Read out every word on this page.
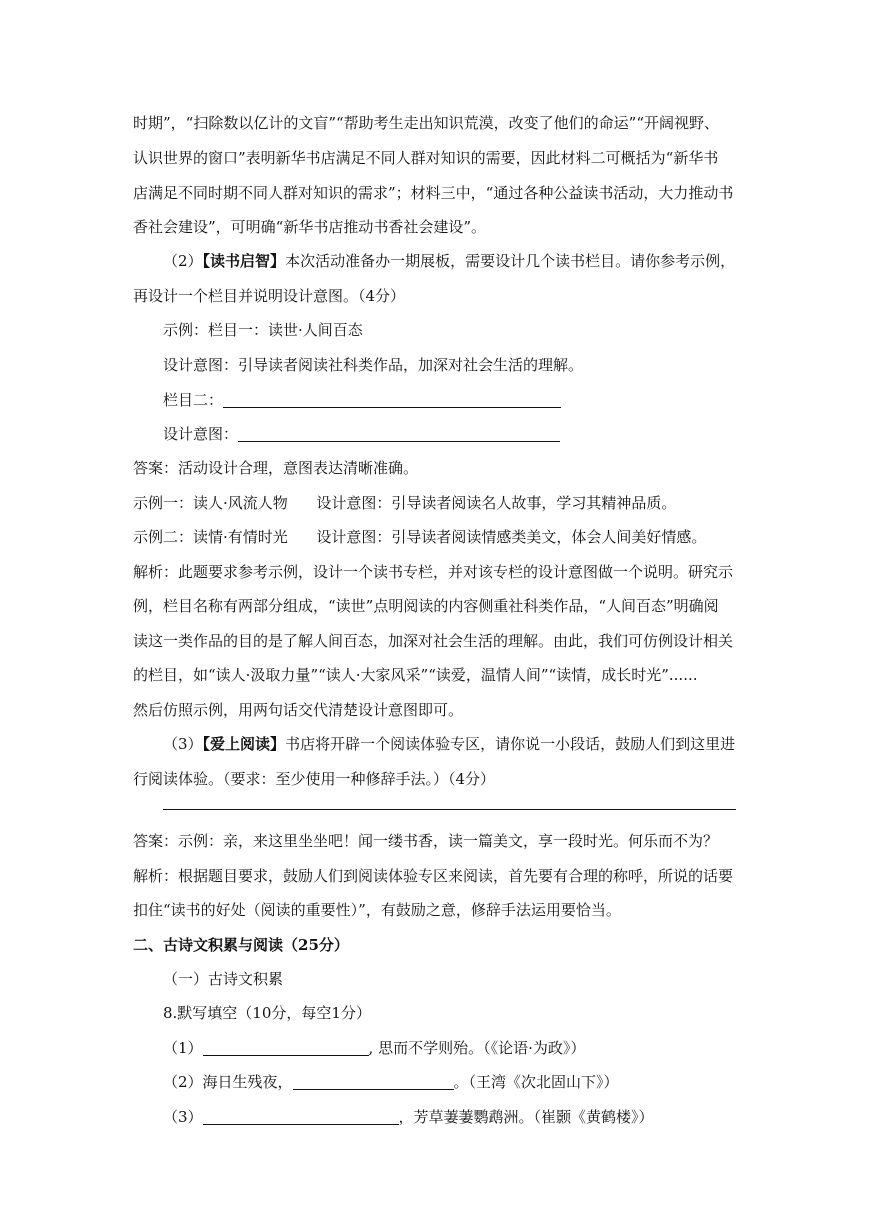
时期”，“扫除数以亿计的文盲”“帮助考生走出知识荒漠，改变了他们的命运”“开阔视野、
认识世界的窗口”表明新华书店满足不同人群对知识的需要，因此材料二可概括为“新华书
店满足不同时期不同人群对知识的需求”；材料三中，“通过各种公益读书活动，大力推动书
香社会建设”，可明确“新华书店推动书香社会建设”。
（2）【读书启智】本次活动准备办一期展板，需要设计几个读书栏目。请你参考示例，
再设计一个栏目并说明设计意图。（4分）
示例：栏目一：读世·人间百态
设计意图：引导读者阅读社科类作品，加深对社会生活的理解。
栏目二：
设计意图：
答案：活动设计合理，意图表达清晰准确。
示例一：读人·风流人物      设计意图：引导读者阅读名人故事，学习其精神品质。
示例二：读情·有情时光      设计意图：引导读者阅读情感类美文，体会人间美好情感。
解析：此题要求参考示例，设计一个读书专栏，并对该专栏的设计意图做一个说明。研究示
例，栏目名称有两部分组成，“读世”点明阅读的内容侧重社科类作品，“人间百态”明确阅
读这一类作品的目的是了解人间百态，加深对社会生活的理解。由此，我们可仿例设计相关
的栏目，如“读人·汲取力量”“读人·大家风采”“读爱，温情人间”“读情，成长时光”......
然后仿照示例，用两句话交代清楚设计意图即可。
（3）【爱上阅读】书店将开辟一个阅读体验专区，请你说一小段话，鼓励人们到这里进
行阅读体验。（要求：至少使用一种修辞手法。）（4分）
答案：示例：亲，来这里坐坐吧！闻一缕书香，读一篇美文，享一段时光。何乐而不为？
解析：根据题目要求，鼓励人们到阅读体验专区来阅读，首先要有合理的称呼，所说的话要
扣住“读书的好处（阅读的重要性）”，有鼓励之意，修辞手法运用要恰当。
二、古诗文积累与阅读（25分）
（一）古诗文积累
8.默写填空（10分，每空1分）
（1）	, 思而不学则殆。（《论语·为政》）
（2）海日生残夜，	。（王湾《次北固山下》）
（3）	，芳草萋萋鹦鹉洲。（崔颢《黄鹤楼》）
